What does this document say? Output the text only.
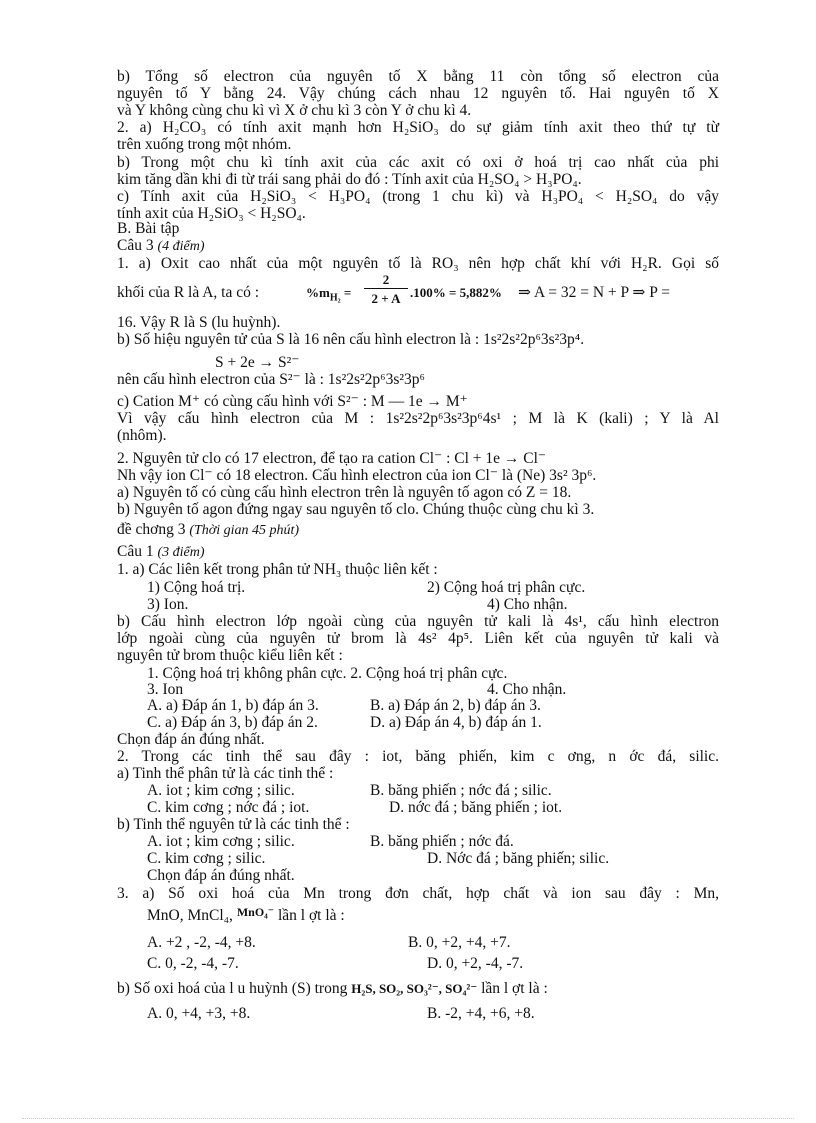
b) Tổng số electron của nguyên tố X bằng 11 còn tổng số electron của
nguyên tố Y bằng 24. Vậy chúng cách nhau 12 nguyên tố. Hai nguyên tố X
và Y không cùng chu kì vì X ở chu kì 3 còn Y ở chu kì 4.
2. a) H₂CO₃ có tính axit mạnh hơn H₂SiO₃ do sự giảm tính axit theo thứ tự từ
trên xuống trong một nhóm.
b) Trong một chu kì tính axit của các axit có oxi ở hoá trị cao nhất của phi
kim tăng dần khi đi từ trái sang phải do đó : Tính axit của H₂SO₄ > H₃PO₄.
c) Tính axit của H₂SiO₃ < H₃PO₄ (trong 1 chu kì) và H₃PO₄ < H₂SO₄ do vậy
tính axit của H₂SiO₃ < H₂SO₄.
B. Bài tập
Câu 3 (4 điểm)
1. a) Oxit cao nhất của một nguyên tố là RO₃ nên hợp chất khí với H₂R. Gọi số
khối của R là A, ta có :	$\%m_{H_2}$ =
2
2 + A .100% = 5,882% ⇒ A = 32 = N + P ⇒ P =
16. Vậy R là S (lu huỳnh).
b) Số hiệu nguyên tử của S là 16 nên cấu hình electron là : 1s²2s²2p⁶3s²3p⁴.
S + 2e → S²⁻
nên cấu hình electron của S²⁻ là : 1s²2s²2p⁶3s²3p⁶
c) Cation M⁺ có cùng cấu hình với S²⁻ : M — 1e → M⁺
Vì vậy cấu hình electron của M : 1s²2s²2p⁶3s²3p⁶4s¹ ; M là K (kali) ; Y là Al
(nhôm).
2. Nguyên tử clo có 17 electron, để tạo ra cation Cl⁻ : Cl + 1e → Cl⁻
Nh vậy ion Cl⁻ có 18 electron. Cấu hình electron của ion Cl⁻ là (Ne) 3s² 3p⁶.
a) Nguyên tố có cùng cấu hình electron trên là nguyên tố agon có Z = 18.
b) Nguyên tố agon đứng ngay sau nguyên tố clo. Chúng thuộc cùng chu kì 3.
đề chơng 3 (Thời gian 45 phút)
Câu 1 (3 điểm)
1. a) Các liên kết trong phân tử NH₃ thuộc liên kết :
1) Cộng hoá trị.	2) Cộng hoá trị phân cực.
3) Ion.	4) Cho nhận.
b) Cấu hình electron lớp ngoài cùng của nguyên tử kali là 4s¹, cấu hình electron
lớp ngoài cùng của nguyên tử brom là 4s² 4p⁵. Liên kết của nguyên tử kali và
nguyên tử brom thuộc kiểu liên kết :
1. Cộng hoá trị không phân cực. 2. Cộng hoá trị phân cực.
3. Ion	4. Cho nhận.
A. a) Đáp án 1, b) đáp án 3.	B. a) Đáp án 2, b) đáp án 3.
C. a) Đáp án 3, b) đáp án 2.	D. a) Đáp án 4, b) đáp án 1.
Chọn đáp án đúng nhất.
2. Trong các tinh thể sau đây : iot, băng phiến, kim c ơng, n ớc đá, silic.
a) Tinh thể phân tử là các tinh thể :
A. iot ; kim cơng ; silic.	B. băng phiến ; nớc đá ; silic.
C. kim cơng ; nớc đá ; iot.	D. nớc đá ; băng phiến ; iot.
b) Tinh thể nguyên tử là các tinh thể :
A. iot ; kim cơng ; silic.	B. băng phiến ; nớc đá.
C. kim cơng ; silic.	D. Nớc đá ; băng phiến; silic.
Chọn đáp án đúng nhất.
3. a) Số oxi hoá của Mn trong đơn chất, hợp chất và ion sau đây : Mn,
MnO, MnCl₄, $^{MnO_4^-}$ lần l ợt là :
A. +2 , -2, -4, +8.	B. 0, +2, +4, +7.
C. 0, -2, -4, -7.	D. 0, +2, -4, -7.
b) Số oxi hoá của l u huỳnh (S) trong H₂S, SO₂, SO₃²⁻, SO₄²⁻ lần l ợt là :
A. 0, +4, +3, +8.	B. -2, +4, +6, +8.
